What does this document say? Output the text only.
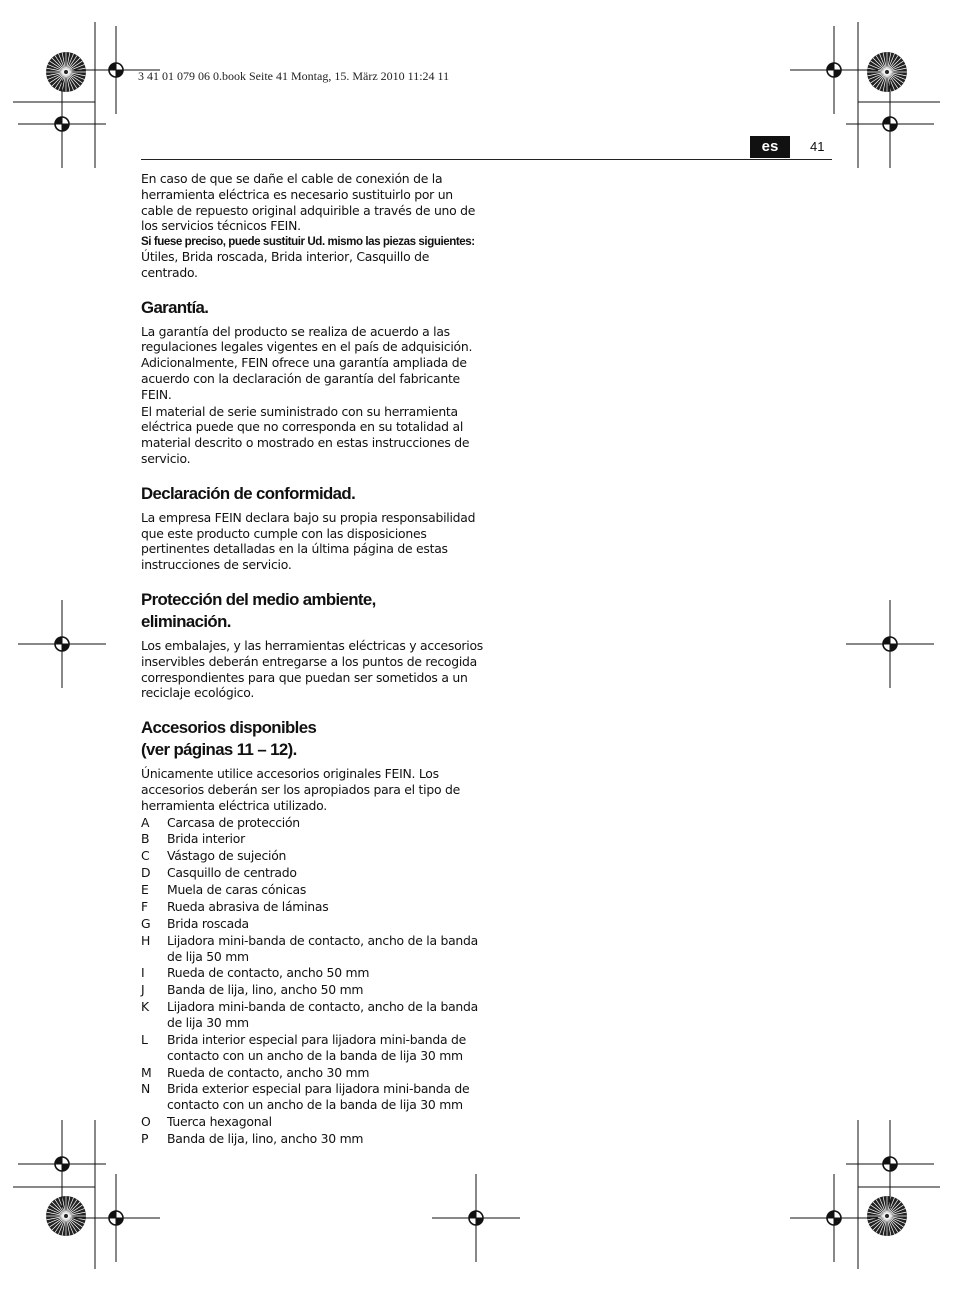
3 41 01 079 06 0.book Seite 41 Montag, 15. März 2010 11:24 11
es	41

En caso de que se dañe el cable de conexión de la herramienta eléctrica es necesario sustituirlo por un cable de repuesto original adquirible a través de uno de los servicios técnicos FEIN.

Si fuese preciso, puede sustituir Ud. mismo las piezas siguientes:

Útiles, Brida roscada, Brida interior, Casquillo de centrado.

Garantía.

La garantía del producto se realiza de acuerdo a las regulaciones legales vigentes en el país de adquisición. Adicionalmente, FEIN ofrece una garantía ampliada de acuerdo con la declaración de garantía del fabricante FEIN.

El material de serie suministrado con su herramienta eléctrica puede que no corresponda en su totalidad al material descrito o mostrado en estas instrucciones de servicio.

Declaración de conformidad.

La empresa FEIN declara bajo su propia responsabilidad que este producto cumple con las disposiciones pertinentes detalladas en la última página de estas instrucciones de servicio.

Protección del medio ambiente,
eliminación.

Los embalajes, y las herramientas eléctricas y accesorios inservibles deberán entregarse a los puntos de recogida correspondientes para que puedan ser sometidos a un reciclaje ecológico.

Accesorios disponibles
(ver páginas 11 – 12).

Únicamente utilice accesorios originales FEIN. Los accesorios deberán ser los apropiados para el tipo de herramienta eléctrica utilizado.

A	Carcasa de protección
B	Brida interior
C	Vástago de sujeción
D	Casquillo de centrado
E	Muela de caras cónicas
F	Rueda abrasiva de láminas
G	Brida roscada
H	Lijadora mini-banda de contacto, ancho de la banda de lija 50 mm
I	Rueda de contacto, ancho 50 mm
J	Banda de lija, lino, ancho 50 mm
K	Lijadora mini-banda de contacto, ancho de la banda de lija 30 mm
L	Brida interior especial para lijadora mini-banda de contacto con un ancho de la banda de lija 30 mm
M	Rueda de contacto, ancho 30 mm
N	Brida exterior especial para lijadora mini-banda de contacto con un ancho de la banda de lija 30 mm
O	Tuerca hexagonal
P	Banda de lija, lino, ancho 30 mm
